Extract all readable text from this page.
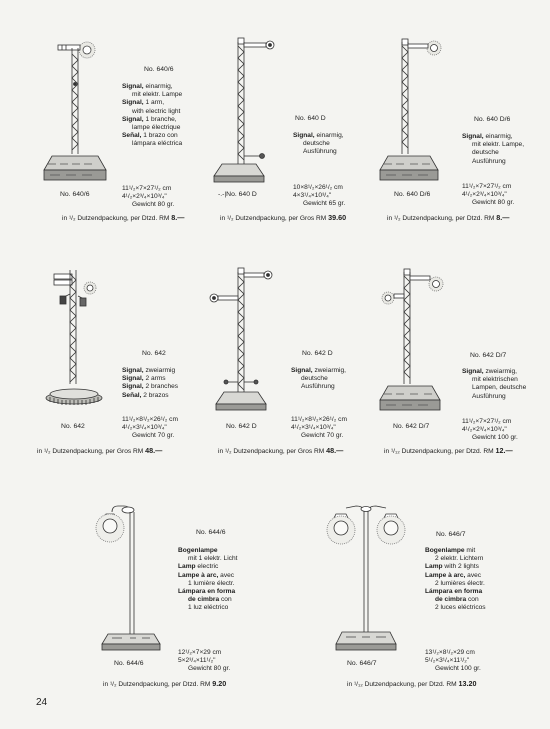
No. 640/6
No. 640/6
Signal, einarmig,
mit elektr. Lampe
Signal, 1 arm,
with electric light
Signal, 1 branche,
lampe électrique
Señal, 1 brazo con
lámpara eléctrica
11¹/₂×7×27¹/₂ cm
4¹/₂×2³/₄×10³/₄"
Gewicht 80 gr.
in ¹/₂ Dutzendpackung, per Dtzd. RM 8.—
-.-|No. 640 D
No. 640 D
Signal, einarmig,
deutsche
Ausführung
10×8¹/₂×26¹/₂ cm
4×3¹/₄×10³/₄"
Gewicht 65 gr.
in ¹/₂ Dutzendpackung, per Gros RM 39.60
No. 640 D/6
No. 640 D/6
Signal, einarmig,
mit elektr. Lampe,
deutsche
Ausführung
11¹/₂×7×27¹/₂ cm
4¹/₂×2³/₄×10³/₄"
Gewicht 80 gr.
in ¹/₂ Dutzendpackung, per Dtzd. RM 8.—
No. 642
No. 642
Signal, zweiarmig
Signal, 2 arms
Signal, 2 branches
Señal, 2 brazos
11¹/₂×8¹/₂×26¹/₂ cm
4¹/₂×3¹/₄×10³/₄"
Gewicht 70 gr.
in ¹/₂ Dutzendpackung, per Gros RM 48.—
No. 642 D
No. 642 D
Signal, zweiarmig,
deutsche
Ausführung
11¹/₂×8¹/₂×26¹/₂ cm
4¹/₂×3¹/₄×10³/₄"
Gewicht 70 gr.
in ¹/₂ Dutzendpackung, per Gros RM 48.—
No. 642 D/7
No. 642 D/7
Signal, zweiarmig,
mit elektrischen
Lampen, deutsche
Ausführung
11¹/₂×7×27¹/₂ cm
4¹/₂×2³/₄×10³/₄"
Gewicht 100 gr.
in ¹/₁₂ Dutzendpackung, per Dtzd. RM 12.—
No. 644/6
No. 644/6
Bogenlampe
mit 1 elektr. Licht
Lamp electric
Lampe à arc, avec
1 lumière électr.
Lámpara en forma
de cimbra con
1 luz eléctrico
12¹/₂×7×29 cm
5×2³/₄×11¹/₂"
Gewicht 80 gr.
in ¹/₂ Dutzendpackung, per Dtzd. RM 9.20
No. 646/7
No. 646/7
Bogenlampe mit
2 elektr. Lichtern
Lamp with 2 lights
Lampe à arc, avec
2 lumières électr.
Lámpara en forma
de cimbra con
2 luces eléctricos
13¹/₂×8¹/₂×29 cm
5¹/₂×3¹/₄×11¹/₂"
Gewicht 100 gr.
in ¹/₁₂ Dutzendpackung, per Dtzd. RM 13.20
24
